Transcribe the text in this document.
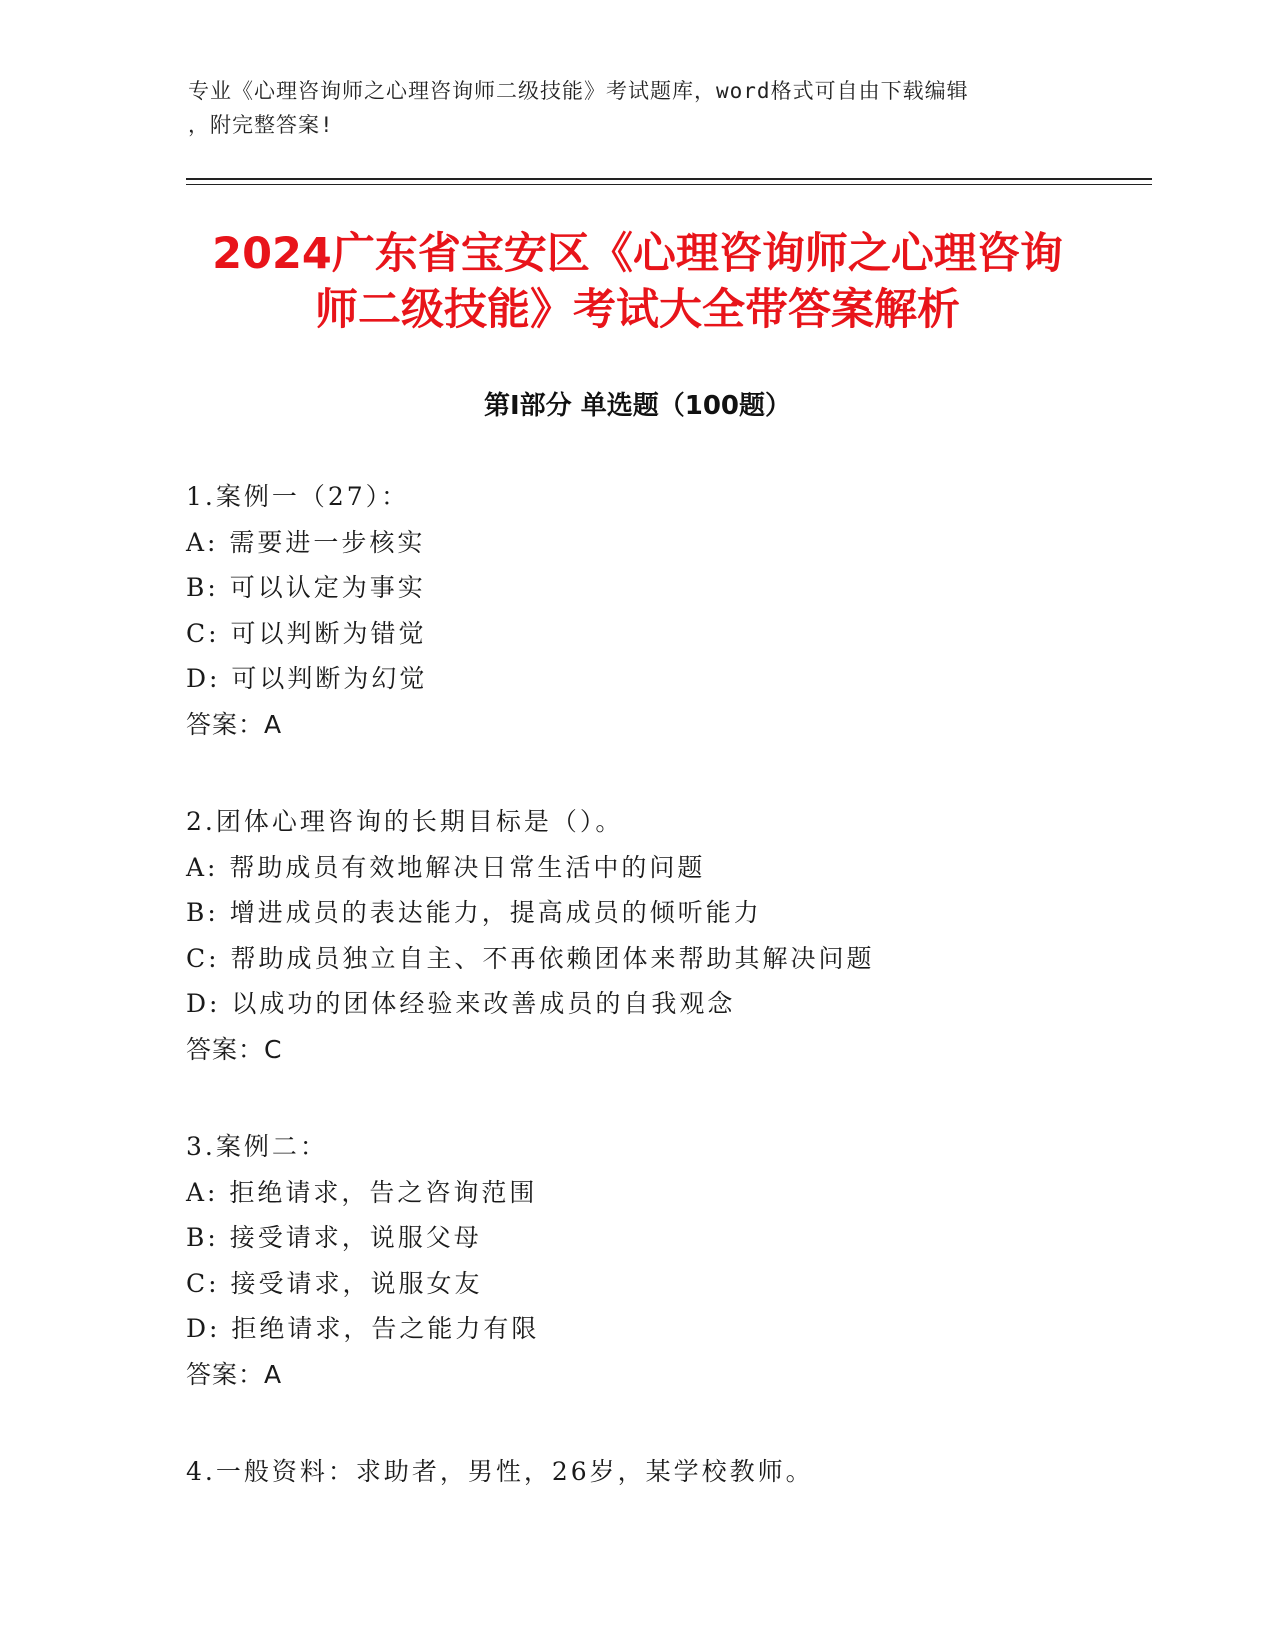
专业《心理咨询师之心理咨询师二级技能》考试题库，word格式可自由下载编辑
，附完整答案!
2024广东省宝安区《心理咨询师之心理咨询
师二级技能》考试大全带答案解析
第I部分 单选题（100题）
1.案例一（27）：
A: 需要进一步核实
B: 可以认定为事实
C: 可以判断为错觉
D: 可以判断为幻觉
答案：A
2.团体心理咨询的长期目标是（）。
A: 帮助成员有效地解决日常生活中的问题
B: 增进成员的表达能力，提高成员的倾听能力
C: 帮助成员独立自主、不再依赖团体来帮助其解决问题
D: 以成功的团体经验来改善成员的自我观念
答案：C
3.案例二：
A: 拒绝请求，告之咨询范围
B: 接受请求，说服父母
C: 接受请求，说服女友
D: 拒绝请求，告之能力有限
答案：A
4.一般资料：求助者，男性，26岁，某学校教师。
